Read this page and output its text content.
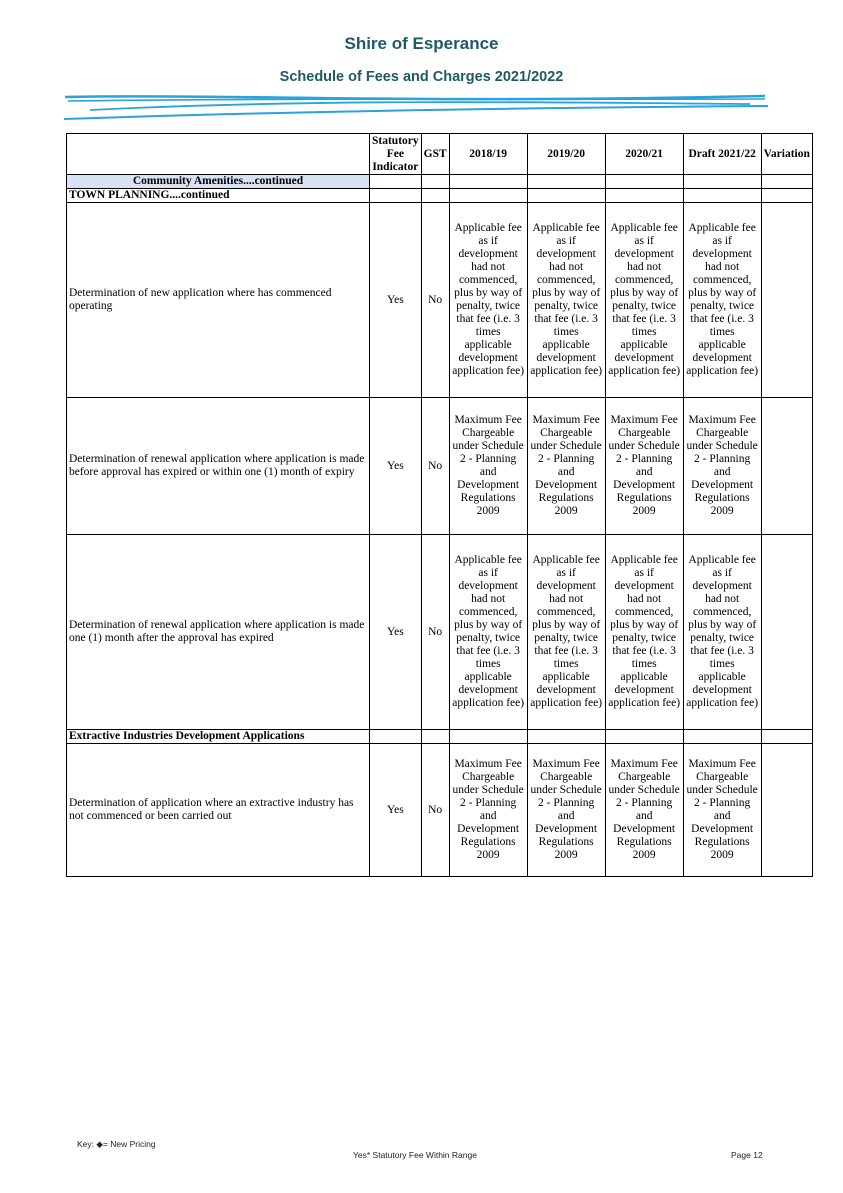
Shire of Esperance
Schedule of Fees and Charges 2021/2022
	Statutory Fee Indicator	GST	2018/19	2019/20	2020/21	Draft 2021/22	Variation
Community Amenities....continued							
TOWN PLANNING....continued							
Determination of new application where has commenced operating	Yes	No	Applicable fee as if development had not commenced, plus by way of penalty, twice that fee (i.e. 3 times applicable development application fee)	Applicable fee as if development had not commenced, plus by way of penalty, twice that fee (i.e. 3 times applicable development application fee)	Applicable fee as if development had not commenced, plus by way of penalty, twice that fee (i.e. 3 times applicable development application fee)	Applicable fee as if development had not commenced, plus by way of penalty, twice that fee (i.e. 3 times applicable development application fee)	
Determination of renewal application where application is made before approval has expired or within one (1) month of expiry	Yes	No	Maximum Fee Chargeable under Schedule 2 - Planning and Development Regulations 2009	Maximum Fee Chargeable under Schedule 2 - Planning and Development Regulations 2009	Maximum Fee Chargeable under Schedule 2 - Planning and Development Regulations 2009	Maximum Fee Chargeable under Schedule 2 - Planning and Development Regulations 2009	
Determination of renewal application where application is made one (1) month after the approval has expired	Yes	No	Applicable fee as if development had not commenced, plus by way of penalty, twice that fee (i.e. 3 times applicable development application fee)	Applicable fee as if development had not commenced, plus by way of penalty, twice that fee (i.e. 3 times applicable development application fee)	Applicable fee as if development had not commenced, plus by way of penalty, twice that fee (i.e. 3 times applicable development application fee)	Applicable fee as if development had not commenced, plus by way of penalty, twice that fee (i.e. 3 times applicable development application fee)	
Extractive Industries Development Applications							
Determination of application where an extractive industry has not commenced or been carried out	Yes	No	Maximum Fee Chargeable under Schedule 2 - Planning and Development Regulations 2009	Maximum Fee Chargeable under Schedule 2 - Planning and Development Regulations 2009	Maximum Fee Chargeable under Schedule 2 - Planning and Development Regulations 2009	Maximum Fee Chargeable under Schedule 2 - Planning and Development Regulations 2009	
Key: ◆= New Pricing
Yes* Statutory Fee Within Range	Page 12
